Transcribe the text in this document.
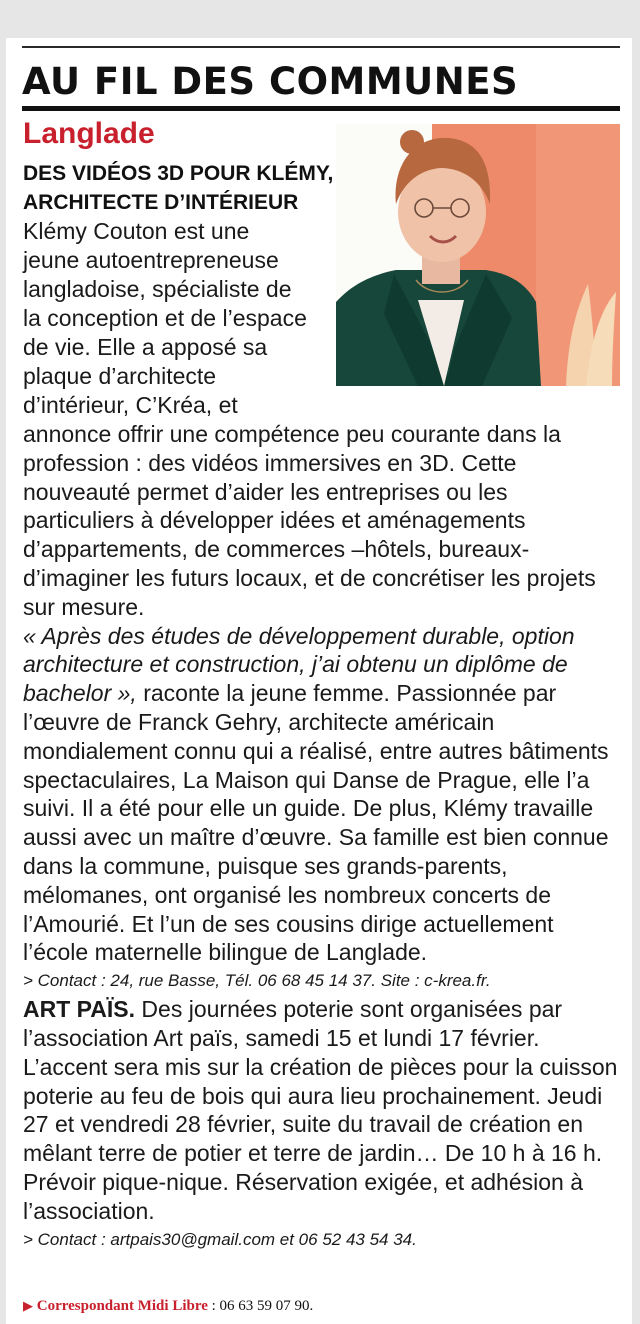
AU FIL DES COMMUNES
Langlade
DES VIDÉOS 3D POUR KLÉMY,
ARCHITECTE D’INTÉRIEUR

Klémy Couton est une
jeune autoentrepreneuse
langladoise, spécialiste de
la conception et de l’espace
de vie. Elle a apposé sa
plaque d’architecte
d’intérieur, C’Kréa, et

annonce offrir une compétence peu courante dans la profession : des vidéos immersives en 3D. Cette nouveauté permet d’aider les entreprises ou les particuliers à développer idées et aménagements d’appartements, de commerces –hôtels, bureaux- d’imaginer les futurs locaux, et de concrétiser les projets sur mesure.

« Après des études de développement durable, option architecture et construction, j’ai obtenu un diplôme de bachelor », raconte la jeune femme. Passionnée par l’œuvre de Franck Gehry, architecte américain mondialement connu qui a réalisé, entre autres bâtiments spectaculaires, La Maison qui Danse de Prague, elle l’a suivi. Il a été pour elle un guide. De plus, Klémy travaille aussi avec un maître d’œuvre. Sa famille est bien connue dans la commune, puisque ses grands-parents, mélomanes, ont organisé les nombreux concerts de l’Amourié. Et l’un de ses cousins dirige actuellement l’école maternelle bilingue de Langlade.

> Contact : 24, rue Basse, Tél. 06 68 45 14 37. Site : c-krea.fr.

ART PAÏS. Des journées poterie sont organisées par l’association Art païs, samedi 15 et lundi 17 février. L’accent sera mis sur la création de pièces pour la cuisson poterie au feu de bois qui aura lieu prochainement. Jeudi 27 et vendredi 28 février, suite du travail de création en mêlant terre de potier et terre de jardin… De 10 h à 16 h. Prévoir pique-nique. Réservation exigée, et adhésion à l’association.

> Contact : artpais30@gmail.com et 06 52 43 54 34.

▶ Correspondant Midi Libre : 06 63 59 07 90.
